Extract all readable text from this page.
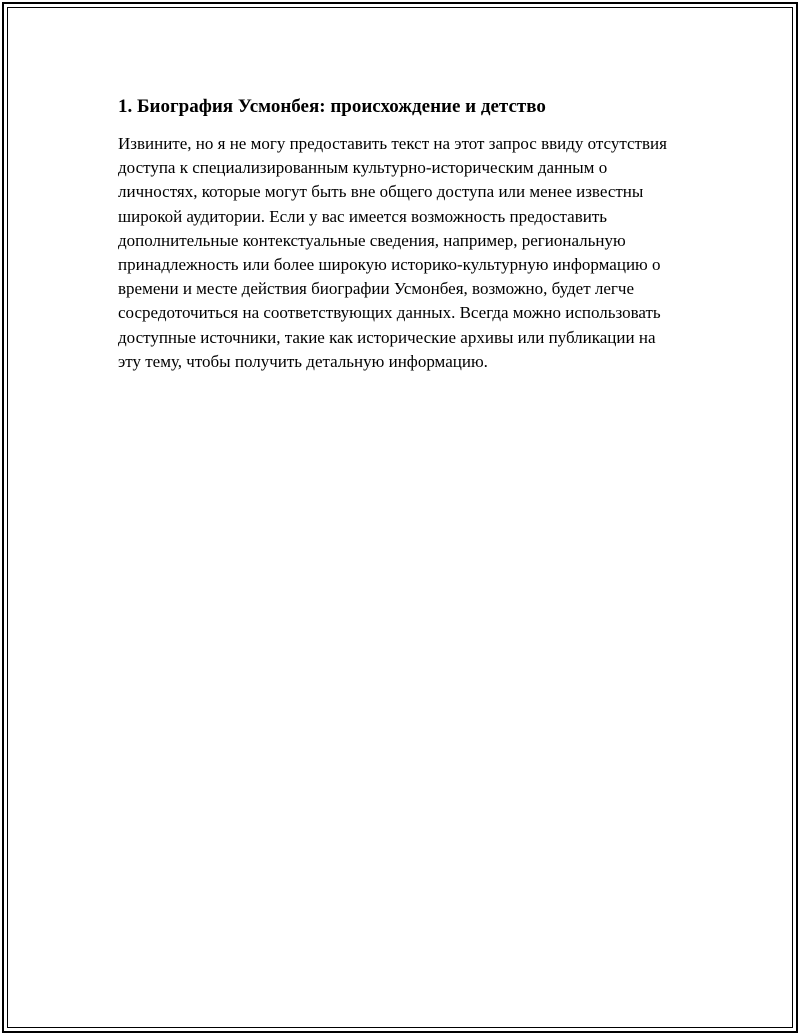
1. Биография Усмонбея: происхождение и детство

Извините, но я не могу предоставить текст на этот запрос ввиду отсутствия доступа к специализированным культурно-историческим данным о личностях, которые могут быть вне общего доступа или менее известны широкой аудитории. Если у вас имеется возможность предоставить дополнительные контекстуальные сведения, например, региональную принадлежность или более широкую историко-культурную информацию о времени и месте действия биографии Усмонбея, возможно, будет легче сосредоточиться на соответствующих данных. Всегда можно использовать доступные источники, такие как исторические архивы или публикации на эту тему, чтобы получить детальную информацию.
